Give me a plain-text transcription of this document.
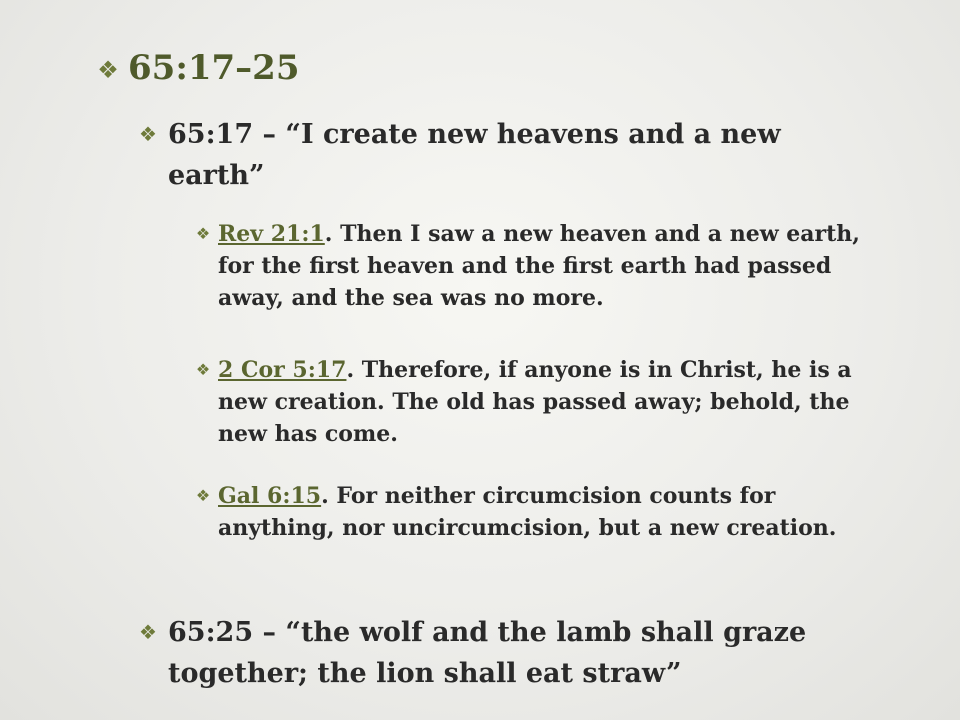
❖ 65:17–25
❖ 65:17 – “I create new heavens and a new earth”
❖ Rev 21:1. Then I saw a new heaven and a new earth, for the first heaven and the first earth had passed away, and the sea was no more.
❖ 2 Cor 5:17. Therefore, if anyone is in Christ, he is a new creation. The old has passed away; behold, the new has come.
❖ Gal 6:15. For neither circumcision counts for anything, nor uncircumcision, but a new creation.
❖ 65:25 – “the wolf and the lamb shall graze together; the lion shall eat straw”
